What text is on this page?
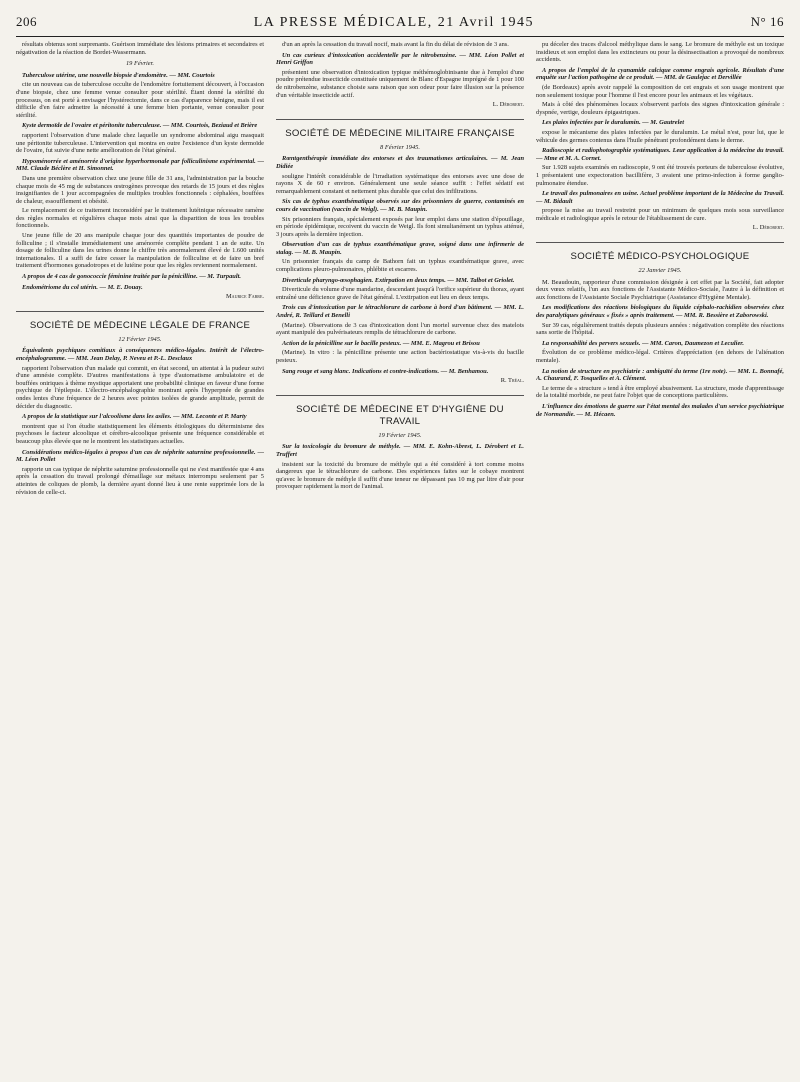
206	LA PRESSE MÉDICALE, 21 Avril 1945	N° 16

résultats obtenus sont surprenants. Guérison immédiate des lésions primaires et secondaires et négativation de la réaction de Bordet-Wassermann.

19 Février.

Tuberculose utérine, une nouvelle biopsie d'endomètre. — MM. Courtois

cite un nouveau cas de tuberculose occulte de l'endomètre fortuitement découvert, à l'occasion d'une biopsie, chez une femme venue consulter pour stérilité. Étant donné la stérilité du processus, on est porté à envisager l'hystérectomie, dans ce cas d'apparence bénigne, mais il est difficile d'en faire admettre la nécessité à une femme bien portante, venue consulter pour stérilité.

Kyste dermoïde de l'ovaire et péritonite tuberculeuse. — MM. Courtois, Beziaud et Brière

rapportent l'observation d'une malade chez laquelle un syndrome abdominal aigu masquait une péritonite tuberculeuse. L'intervention qui montra en outre l'existence d'un kyste dermoïde de l'ovaire, fut suivie d'une nette amélioration de l'état général.

Hypoménorrée et aménorrée d'origine hyperhormonale par folliculinisme expérimental. — MM. Claude Béclère et H. Simonnet.

Dans une première observation chez une jeune fille de 31 ans, l'administration par la bouche chaque mois de 45 mg de substances œstrogènes provoque des retards de 15 jours et des règles insignifiantes de 1 jour accompagnées de multiples troubles fonctionnels : céphalées, bouffées de chaleur, essoufflement et obésité.

Le remplacement de ce traitement inconsidéré par le traitement lutéinique nécessaire ramène des règles normales et régulières chaque mois ainsi que la disparition de tous les troubles fonctionnels.

Une jeune fille de 20 ans manipule chaque jour des quantités importantes de poudre de folliculine ; il s'installe immédiatement une aménorrée complète pendant 1 an de suite. Un dosage de folliculine dans les urines donne le chiffre très anormalement élevé de 1.600 unités internationales. Il a suffi de faire cesser la manipulation de folliculine et de faire un bref traitement d'hormones gonadotropes et de lutéine pour que les règles reviennent normalement.

A propos de 4 cas de gonococcie féminine traitée par la pénicilline. — M. Turpault.

Endométriome du col utérin. — M. E. Douay.

Maurice Fabre.

SOCIÉTÉ DE MÉDECINE LÉGALE DE FRANCE

12 Février 1945.

Équivalents psychiques comitiaux à conséquences médico-légales. Intérêt de l'électro-encéphalogramme. — MM. Jean Delay, P. Neveu et P.-L. Desclaux

rapportent l'observation d'un malade qui commit, en état second, un attentat à la pudeur suivi d'une amnésie complète. D'autres manifestations à type d'automatisme ambulatoire et de bouffées oniriques à thème mystique apportaient une probabilité clinique en faveur d'une forme psychique de l'épilepsie. L'électro-encéphalographie montrant après l'hyperpnée de grandes ondes lentes d'une fréquence de 2 heures avec pointes isolées de grande amplitude, permit de décider du diagnostic.

A propos de la statistique sur l'alcoolisme dans les asiles. — MM. Leconte et P. Marty

montrent que si l'on étudie statistiquement les éléments étiologiques du déterminisme des psychoses le facteur alcoolique et cérébro-alcoolique présente une fréquence considérable et beaucoup plus élevée que ne le montrent les statistiques actuelles.

Considérations médico-légales à propos d'un cas de néphrite saturnine professionnelle. — M. Léon Pollet

rapporte un cas typique de néphrite saturnine professionnelle qui ne s'est manifestée que 4 ans après la cessation du travail prolongé d'émaillage sur métaux interrompu seulement par 5 atteintes de coliques de plomb, la dernière ayant donné lieu à une rente supprimée lors de la révision de celle-ci.

d'un an après la cessation du travail nocif, mais avant la fin du délai de révision de 3 ans.

Un cas curieux d'intoxication accidentelle par le nitrobenzène. — MM. Léon Pollet et Henri Griffon

présentent une observation d'intoxication typique méthémoglobinisante due à l'emploi d'une poudre prétendue insecticide constituée uniquement de Blanc d'Espagne imprégné de 1 pour 100 de nitrobenzène, substance choisie sans raison que son odeur pour faire illusion sur la présence d'un véritable insecticide actif.

L. Dérobert.

SOCIÉTÉ DE MÉDECINE MILITAIRE FRANÇAISE

8 Février 1945.

Rœntgenthérapie immédiate des entorses et des traumatismes articulaires. — M. Jean Didiée

souligne l'intérêt considérable de l'irradiation systématique des entorses avec une dose de rayons X de 60 r environ. Généralement une seule séance suffit : l'effet sédatif est remarquablement constant et nettement plus durable que celui des infiltrations.

Six cas de typhus exanthématique observés sur des prisonniers de guerre, contaminés en cours de vaccination (vaccin de Weigl). — M. B. Maupin.

Six prisonniers français, spécialement exposés par leur emploi dans une station d'épouillage, en période épidémique, recoivent du vaccin de Weigl. Ils font simultanément un typhus atténué, 3 jours après la dernière injection.

Observation d'un cas de typhus exanthématique grave, soigné dans une infirmerie de stalag. — M. B. Maupin.

Un prisonnier français du camp de Bathorn fait un typhus exanthématique grave, avec complications pleuro-pulmonaires, phlébite et escarres.

Diverticule pharyngo-œsophagien. Extirpation en deux temps. — MM. Talbot et Griolet.

Diverticule du volume d'une mandarine, descendant jusqu'à l'orifice supérieur du thorax, ayant entraîné une déficience grave de l'état général. L'extirpation eut lieu en deux temps.

Trois cas d'intoxication par le tétrachlorure de carbone à bord d'un bâtiment. — MM. L. André, R. Teillard et Benelli

(Marine). Observations de 3 cas d'intoxication dont l'un mortel survenue chez des matelots ayant manipulé des pulvérisateurs remplis de tétrachlorure de carbone.

Action de la pénicilline sur le bacille pesteux. — MM. E. Magrou et Brisou

(Marine). In vitro : la pénicilline présente une action bactériostatique vis-à-vis du bacille pesteux.

Sang rouge et sang blanc. Indications et contre-indications. — M. Benhamou.

R. Tréal.

SOCIÉTÉ DE MÉDECINE ET D'HYGIÈNE DU TRAVAIL

19 Février 1945.

Sur la toxicologie du bromure de méthyle. — MM. E. Kohn-Abrest, L. Dérobert et L. Truffert

insistent sur la toxicité du bromure de méthyle qui a été considéré à tort comme moins dangereux que le tétrachlorure de carbone. Des expériences faites sur le cobaye montrent qu'avec le bromure de méthyle il suffit d'une teneur ne dépassant pas 10 mg par litre d'air pour provoquer rapidement la mort de l'animal.

pu déceler des traces d'alcool méthylique dans le sang. Le bromure de méthyle est un toxique insidieux et son emploi dans les extincteurs ou pour la désinsectisation a provoqué de nombreux accidents.

A propos de l'emploi de la cyanamide calcique comme engrais agricole. Résultats d'une enquête sur l'action pathogène de ce produit. — MM. de Gaulejac et Dervillée

(de Bordeaux) après avoir rappelé la composition de cet engrais et son usage montrent que non seulement toxique pour l'homme il l'est encore pour les animaux et les végétaux.

Mais à côté des phénomènes locaux s'observent parfois des signes d'intoxication générale : dyspnée, vertige, douleurs épigastriques.

Les plaies infectées par le duralumin. — M. Gautrelet

expose le mécanisme des plaies infectées par le duralumin. Le métal n'est, pour lui, que le véhicule des germes contenus dans l'huile pénétrant profondément dans le derme.

Radioscopie et radiophotographie systématiques. Leur application à la médecine du travail. — Mme et M. A. Cornet.

Sur 1.928 sujets examinés en radioscopie, 9 ont été trouvés porteurs de tuberculose évolutive, 1 présentaient une expectoration bacillifère, 3 avaient une primo-infection à forme ganglio-pulmonaire étendue.

Le travail des pulmonaires en usine. Actuel problème important de la Médecine du Travail. — M. Bidault

propose la mise au travail restreint pour un minimum de quelques mois sous surveillance médicale et radiologique après le retour de l'établissement de cure.

L. Dérobert.

SOCIÉTÉ MÉDICO-PSYCHOLOGIQUE

22 Janvier 1945.

M. Beaudouin, rapporteur d'une commission désignée à cet effet par la Société, fait adopter deux vœux relatifs, l'un aux fonctions de l'Assistante Médico-Sociale, l'autre à la définition et aux fonctions de l'Assistante Sociale Psychiatrique (Assistance d'Hygiène Mentale).

Les modifications des réactions biologiques du liquide céphalo-rachidien observées chez des paralytiques généraux « fixés » après traitement. — MM. R. Bessière et Zaborowski.

Sur 39 cas, régulièrement traités depuis plusieurs années : négativation complète des réactions sans sortie de l'hôpital.

La responsabilité des pervers sexuels. — MM. Caron, Daumezon et Leculier.

Évolution de ce problème médico-légal. Critères d'appréciation (en dehors de l'aliénation mentale).

La notion de structure en psychiatrie : ambiguïté du terme (1re note). — MM. L. Bonnafé, A. Chaurand, F. Tosquelles et A. Clément.

Le terme de « structure » tend à être employé abusivement. La structure, mode d'apprentissage de la totalité morbide, ne peut faire l'objet que de conceptions particulières.

L'influence des émotions de guerre sur l'état mental des malades d'un service psychiatrique de Normandie. — M. Hécaen.
